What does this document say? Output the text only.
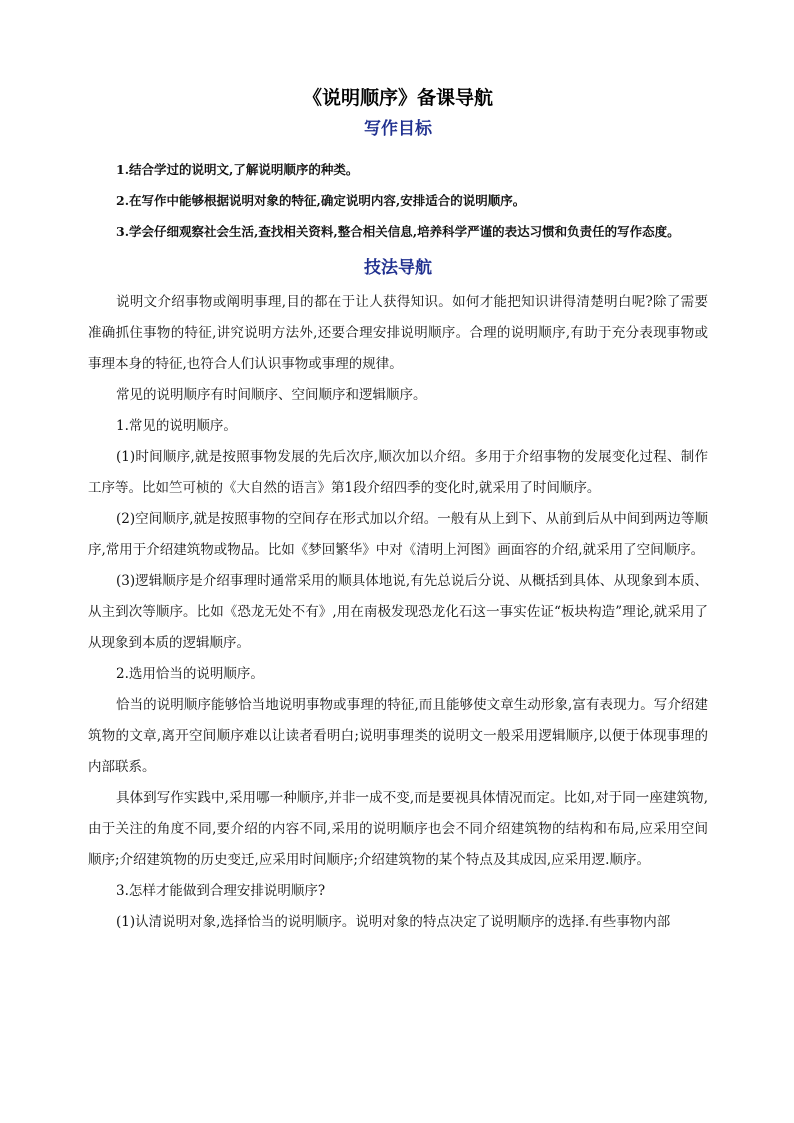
《说明顺序》备课导航
写作目标

1.结合学过的说明文,了解说明顺序的种类。

2.在写作中能够根据说明对象的特征,确定说明内容,安排适合的说明顺序。

3.学会仔细观察社会生活,查找相关资料,整合相关信息,培养科学严谨的表达习惯和负责任的写作态度。

技法导航

说明文介绍事物或阐明事理,目的都在于让人获得知识。如何才能把知识讲得清楚明白呢?除了需要准确抓住事物的特征,讲究说明方法外,还要合理安排说明顺序。合理的说明顺序,有助于充分表现事物或事理本身的特征,也符合人们认识事物或事理的规律。

常见的说明顺序有时间顺序、空间顺序和逻辑顺序。

1.常见的说明顺序。

(1)时间顺序,就是按照事物发展的先后次序,顺次加以介绍。多用于介绍事物的发展变化过程、制作工序等。比如竺可桢的《大自然的语言》第1段介绍四季的变化时,就采用了时间顺序。

(2)空间顺序,就是按照事物的空间存在形式加以介绍。一般有从上到下、从前到后从中间到两边等顺序,常用于介绍建筑物或物品。比如《梦回繁华》中对《清明上河图》画面容的介绍,就采用了空间顺序。

(3)逻辑顺序是介绍事理时通常采用的顺具体地说,有先总说后分说、从概括到具体、从现象到本质、从主到次等顺序。比如《恐龙无处不有》,用在南极发现恐龙化石这一事实佐证“板块构造”理论,就采用了从现象到本质的逻辑顺序。

2.选用恰当的说明顺序。

恰当的说明顺序能够恰当地说明事物或事理的特征,而且能够使文章生动形象,富有表现力。写介绍建筑物的文章,离开空间顺序难以让读者看明白;说明事理类的说明文一般采用逻辑顺序,以便于体现事理的内部联系。

具体到写作实践中,采用哪一种顺序,并非一成不变,而是要视具体情况而定。比如,对于同一座建筑物,由于关注的角度不同,要介绍的内容不同,采用的说明顺序也会不同介绍建筑物的结构和布局,应采用空间顺序;介绍建筑物的历史变迁,应采用时间顺序;介绍建筑物的某个特点及其成因,应采用逻.顺序。

3.怎样才能做到合理安排说明顺序?

(1)认清说明对象,选择恰当的说明顺序。说明对象的特点决定了说明顺序的选择.有些事物内部
